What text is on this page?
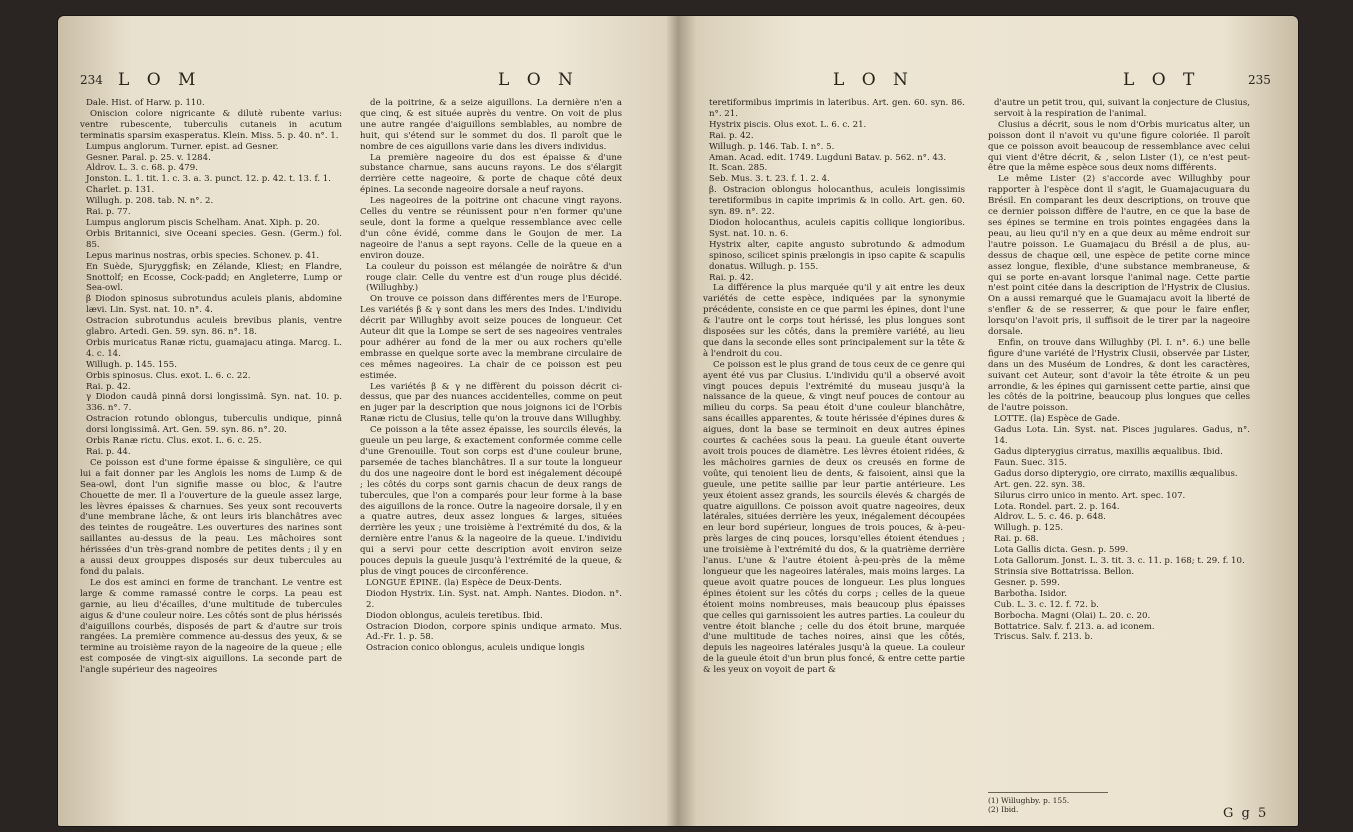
234 L O M	L O N

Dale. Hist. of Harw. p. 110.

Oniscion colore nigricante & dilutè rubente varius: ventre rubescente, tuberculis cutaneis in acutum terminatis sparsim exasperatus. Klein. Miss. 5. p. 40. n°. 1.

Lumpus anglorum. Turner. epist. ad Gesner.

Gesner. Paral. p. 25. v. 1284.

Aldrov. L. 3. c. 68. p. 479.

Jonston. L. 1. tit. 1. c. 3. a. 3. punct. 12. p. 42. t. 13. f. 1.

Charlet. p. 131.

Willugh. p. 208. tab. N. n°. 2.

Rai. p. 77.

Lumpus anglorum piscis Schelham. Anat. Xiph. p. 20.

Orbis Britannici, sive Oceani species. Gesn. (Germ.) fol. 85.

Lepus marinus nostras, orbis species. Schonev. p. 41.

En Suède, Sjuryggfisk; en Zélande, Kliest; en Flandre, Snottolf; en Ecosse, Cock-padd; en Angleterre, Lump or Sea-owl.

β Diodon spinosus subrotundus aculeis planis, abdomine lævi. Lin. Syst. nat. 10. n°. 4.

Ostracion subrotundus aculeis brevibus planis, ventre glabro. Artedi. Gen. 59. syn. 86. n°. 18.

Orbis muricatus Ranæ rictu, guamajacu atinga. Marcg. L. 4. c. 14.

Willugh. p. 145. 155.

Orbis spinosus. Clus. exot. L. 6. c. 22.

Rai. p. 42.

γ Diodon caudâ pinnâ dorsi longissimâ. Syn. nat. 10. p. 336. n°. 7.

Ostracion rotundo oblongus, tuberculis undique, pinnâ dorsi longissimâ. Art. Gen. 59. syn. 86. n°. 20.

Orbis Ranæ rictu. Clus. exot. L. 6. c. 25.

Rai. p. 44.

Ce poisson est d'une forme épaisse & singulière, ce qui lui a fait donner par les Anglois les noms de Lump & de Sea-owl, dont l'un signifie masse ou bloc, & l'autre Chouette de mer. Il a l'ouverture de la gueule assez large, les lèvres épaisses & charnues. Ses yeux sont recouverts d'une membrane lâche, & ont leurs iris blanchâtres avec des teintes de rougeâtre. Les ouvertures des narines sont saillantes au-dessus de la peau. Les mâchoires sont hérissées d'un très-grand nombre de petites dents ; il y en a aussi deux grouppes disposés sur deux tubercules au fond du palais.

Le dos est aminci en forme de tranchant. Le ventre est large & comme ramassé contre le corps. La peau est garnie, au lieu d'écailles, d'une multitude de tubercules aigus & d'une couleur noire. Les côtés sont de plus hérissés d'aiguillons courbés, disposés de part & d'autre sur trois rangées. La première commence au-dessus des yeux, & se termine au troisième rayon de la nageoire de la queue ; elle est composée de vingt-six aiguillons. La seconde part de l'angle supérieur des nageoires

de la poitrine, & a seize aiguillons. La dernière n'en a que cinq, & est située auprès du ventre. On voit de plus une autre rangée d'aiguillons semblables, au nombre de huit, qui s'étend sur le sommet du dos. Il paroît que le nombre de ces aiguillons varie dans les divers individus.

La première nageoire du dos est épaisse & d'une substance charnue, sans aucuns rayons. Le dos s'élargit derrière cette nageoire, & porte de chaque côté deux épines. La seconde nageoire dorsale a neuf rayons.

Les nageoires de la poitrine ont chacune vingt rayons. Celles du ventre se réunissent pour n'en former qu'une seule, dont la forme a quelque ressemblance avec celle d'un cône évidé, comme dans le Goujon de mer. La nageoire de l'anus a sept rayons. Celle de la queue en a environ douze.

La couleur du poisson est mélangée de noirâtre & d'un rouge clair. Celle du ventre est d'un rouge plus décidé. (Willughby.)

On trouve ce poisson dans différentes mers de l'Europe. Les variétés β & γ sont dans les mers des Indes. L'individu décrit par Willughby avoit seize pouces de longueur. Cet Auteur dit que la Lompe se sert de ses nageoires ventrales pour adhérer au fond de la mer ou aux rochers qu'elle embrasse en quelque sorte avec la membrane circulaire de ces mêmes nageoires. La chair de ce poisson est peu estimée.

Les variétés β & γ ne diffèrent du poisson décrit ci-dessus, que par des nuances accidentelles, comme on peut en juger par la description que nous joignons ici de l'Orbis Ranæ rictu de Clusius, telle qu'on la trouve dans Willughby.

Ce poisson a la tête assez épaisse, les sourcils élevés, la gueule un peu large, & exactement conformée comme celle d'une Grenouille. Tout son corps est d'une couleur brune, parsemée de taches blanchâtres. Il a sur toute la longueur du dos une nageoire dont le bord est inégalement découpé ; les côtés du corps sont garnis chacun de deux rangs de tubercules, que l'on a comparés pour leur forme à la base des aiguillons de la ronce. Outre la nageoire dorsale, il y en a quatre autres, deux assez longues & larges, situées derrière les yeux ; une troisième à l'extrémité du dos, & la dernière entre l'anus & la nageoire de la queue. L'individu qui a servi pour cette description avoit environ seize pouces depuis la gueule jusqu'à l'extrémité de la queue, & plus de vingt pouces de circonférence.

LONGUE ÉPINE. (la) Espèce de Deux-Dents.

Diodon Hystrix. Lin. Syst. nat. Amph. Nantes. Diodon. n°. 2.

Diodon oblongus, aculeis teretibus. Ibid.

Ostracion Diodon, corpore spinis undique armato. Mus. Ad.-Fr. 1. p. 58.

Ostracion conico oblongus, aculeis undique longis

L O N	L O T	235

teretiformibus imprimis in lateribus. Art. gen. 60. syn. 86. n°. 21.

Hystrix piscis. Olus exot. L. 6. c. 21.

Rai. p. 42.

Willugh. p. 146. Tab. I. n°. 5.

Aman. Acad. edit. 1749. Lugduni Batav. p. 562. n°. 43.

It. Scan. 285.

Seb. Mus. 3. t. 23. f. 1. 2. 4.

β. Ostracion oblongus holocanthus, aculeis longissimis teretiformibus in capite imprimis & in collo. Art. gen. 60. syn. 89. n°. 22.

Diodon holocanthus, aculeis capitis collique longioribus. Syst. nat. 10. n. 6.

Hystrix alter, capite angusto subrotundo & admodum spinoso, scilicet spinis prælongis in ipso capite & scapulis donatus. Willugh. p. 155.

Rai. p. 42.

La différence la plus marquée qu'il y ait entre les deux variétés de cette espèce, indiquées par la synonymie précédente, consiste en ce que parmi les épines, dont l'une & l'autre ont le corps tout hérissé, les plus longues sont disposées sur les côtés, dans la première variété, au lieu que dans la seconde elles sont principalement sur la tête & à l'endroit du cou.

Ce poisson est le plus grand de tous ceux de ce genre qui ayent été vus par Clusius. L'individu qu'il a observé avoit vingt pouces depuis l'extrémité du museau jusqu'à la naissance de la queue, & vingt neuf pouces de contour au milieu du corps. Sa peau étoit d'une couleur blanchâtre, sans écailles apparentes, & toute hérissée d'épines dures & aigues, dont la base se terminoit en deux autres épines courtes & cachées sous la peau. La gueule étant ouverte avoit trois pouces de diamètre. Les lèvres étoient ridées, & les mâchoires garnies de deux os creusés en forme de voûte, qui tenoient lieu de dents, & faisoient, ainsi que la gueule, une petite saillie par leur partie antérieure. Les yeux étoient assez grands, les sourcils élevés & chargés de quatre aiguillons. Ce poisson avoit quatre nageoires, deux latérales, situées derrière les yeux, inégalement découpées en leur bord supérieur, longues de trois pouces, & à-peu-près larges de cinq pouces, lorsqu'elles étoient étendues ; une troisième à l'extrémité du dos, & la quatrième derrière l'anus. L'une & l'autre étoient à-peu-près de la même longueur que les nageoires latérales, mais moins larges. La queue avoit quatre pouces de longueur. Les plus longues épines étoient sur les côtés du corps ; celles de la queue étoient moins nombreuses, mais beaucoup plus épaisses que celles qui garnissoient les autres parties. La couleur du ventre étoit blanche ; celle du dos étoit brune, marquée d'une multitude de taches noires, ainsi que les côtés, depuis les nageoires latérales jusqu'à la queue. La couleur de la gueule étoit d'un brun plus foncé, & entre cette partie & les yeux on voyoit de part &

d'autre un petit trou, qui, suivant la conjecture de Clusius, servoit à la respiration de l'animal.

Clusius a décrit, sous le nom d'Orbis muricatus alter, un poisson dont il n'avoit vu qu'une figure coloriée. Il paroît que ce poisson avoit beaucoup de ressemblance avec celui qui vient d'être décrit, & , selon Lister (1), ce n'est peut-être que la même espèce sous deux noms différents.

Le même Lister (2) s'accorde avec Willughby pour rapporter à l'espèce dont il s'agit, le Guamajacuguara du Brésil. En comparant les deux descriptions, on trouve que ce dernier poisson diffère de l'autre, en ce que la base de ses épines se termine en trois pointes engagées dans la peau, au lieu qu'il n'y en a que deux au même endroit sur l'autre poisson. Le Guamajacu du Brésil a de plus, au-dessus de chaque œil, une espèce de petite corne mince assez longue, flexible, d'une substance membraneuse, & qui se porte en-avant lorsque l'animal nage. Cette partie n'est point citée dans la description de l'Hystrix de Clusius. On a aussi remarqué que le Guamajacu avoit la liberté de s'enfler & de se resserrer, & que pour le faire enfler, lorsqu'on l'avoit pris, il suffisoit de le tirer par la nageoire dorsale.

Enfin, on trouve dans Willughby (Pl. I. n°. 6.) une belle figure d'une variété de l'Hystrix Clusii, observée par Lister, dans un des Muséum de Londres, & dont les caractères, suivant cet Auteur, sont d'avoir la tête étroite & un peu arrondie, & les épines qui garnissent cette partie, ainsi que les côtés de la poitrine, beaucoup plus longues que celles de l'autre poisson.

LOTTE. (la) Espèce de Gade.

Gadus Lota. Lin. Syst. nat. Pisces jugulares. Gadus, n°. 14.

Gadus dipterygius cirratus, maxillis æqualibus. Ibid.

Faun. Suec. 315.

Gadus dorso dipterygio, ore cirrato, maxillis æqualibus.

Art. gen. 22. syn. 38.

Silurus cirro unico in mento. Art. spec. 107.

Lota. Rondel. part. 2. p. 164.

Aldrov. L. 5. c. 46. p. 648.

Willugh. p. 125.

Rai. p. 68.

Lota Gallis dicta. Gesn. p. 599.

Lota Gallorum. Jonst. L. 3. tit. 3. c. 11. p. 168; t. 29. f. 10.

Strinsia sive Bottatrissa. Bellon.

Gesner. p. 599.

Barbotha. Isidor.

Cub. L. 3. c. 12. f. 72. b.

Borbocha. Magni (Olai) L. 20. c. 20.

Bottatrice. Salv. f. 213. a. ad iconem.

Triscus. Salv. f. 213. b.

(1) Willughby. p. 155.
(2) Ibid.	G g 5
